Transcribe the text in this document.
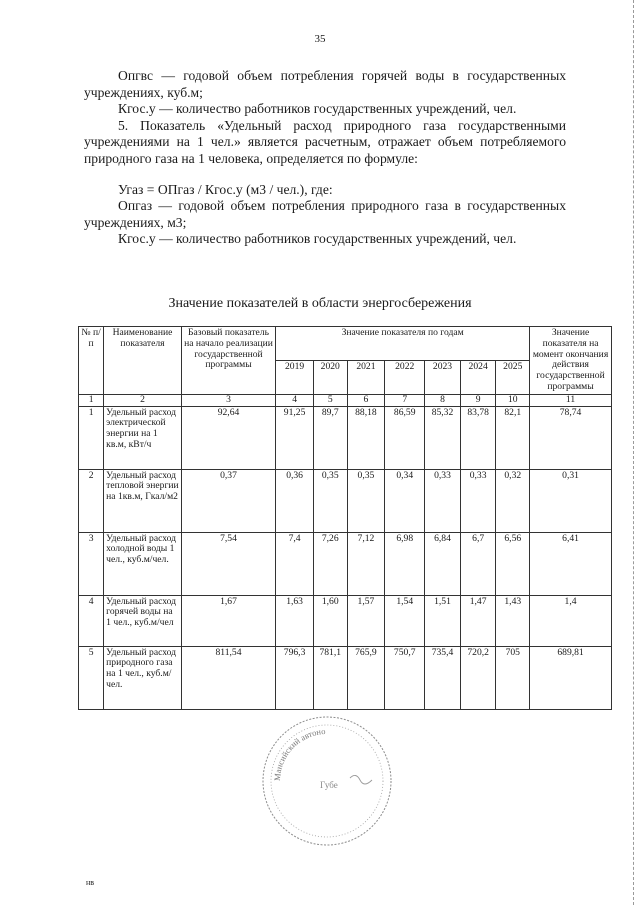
35

Опгвс — годовой объем потребления горячей воды в государственных учреждениях, куб.м;

Кгос.у — количество работников государственных учреждений, чел.

5. Показатель «Удельный расход природного газа государственными учреждениями на 1 чел.» является расчетным, отражает объем потребляемого природного газа на 1 человека, определяется по формуле:

Угаз = ОПгаз / Кгос.у (м3 / чел.), где:

Опгаз — годовой объем потребления природного газа в государственных учреждениях, м3;

Кгос.у — количество работников государственных учреждений, чел.

Значение показателей в области энергосбережения
№ п/п	Наименование показателя	Базовый показатель на начало реализации государственной программы	Значение показателя по годам							Значение показателя на момент окончания действия государственной программы
			2019	2020	2021	2022	2023	2024	2025	
1	2	3	4	5	6	7	8	9	10	11
1	Удельный расход электрической энергии на 1 кв.м, кВт/ч	92,64	91,25	89,7	88,18	86,59	85,32	83,78	82,1	78,74
2	Удельный расход тепловой энергии на 1кв.м, Гкал/м2	0,37	0,36	0,35	0,35	0,34	0,33	0,33	0,32	0,31
3	Удельный расход холодной воды 1 чел., куб.м/чел.	7,54	7,4	7,26	7,12	6,98	6,84	6,7	6,56	6,41
4	Удельный расход горячей воды на 1 чел., куб.м/чел	1,67	1,63	1,60	1,57	1,54	1,51	1,47	1,43	1,4
5	Удельный расход природного газа на 1 чел., куб.м/чел.	811,54	796,3	781,1	765,9	750,7	735,4	720,2	705	689,81
Мансийский автоно
Губе
нв
